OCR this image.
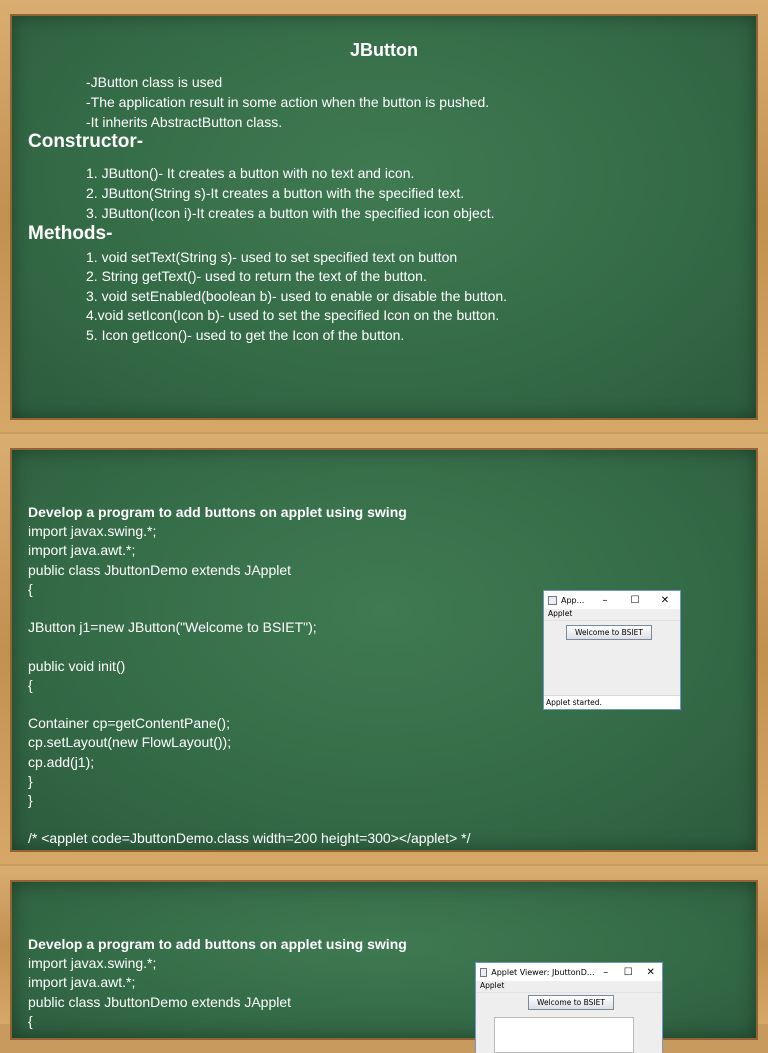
JButton
-JButton class is used
-The application result in some action when the button is pushed.
-It inherits AbstractButton class.
Constructor-
1. JButton()- It creates a button with no text and icon.
2. JButton(String s)-It creates a button with the specified text.
3. JButton(Icon i)-It creates a button with the specified icon object.
Methods-
1. void setText(String s)- used to set specified text on button
2. String getText()- used to return the text of the button.
3. void setEnabled(boolean b)- used to enable or disable the button.
4.void setIcon(Icon b)- used to set the specified Icon on the button.
5. Icon getIcon()- used to get the Icon of the button.
Develop a program to add buttons on applet using swing
import javax.swing.*;
import java.awt.*;
public class JbuttonDemo extends JApplet
{
JButton j1=new JButton("Welcome to BSIET");
public void init()
{
Container cp=getContentPane();
cp.setLayout(new FlowLayout());
cp.add(j1);
}
}
/* <applet code=JbuttonDemo.class width=200 height=300></applet> */
App...	–	☐	✕
Applet
Welcome to BSIET
Applet started.
Develop a program to add buttons on applet using swing
import javax.swing.*;
import java.awt.*;
public class JbuttonDemo extends JApplet
{
Applet Viewer: JbuttonD... –	☐	✕
Applet
Welcome to BSIET
